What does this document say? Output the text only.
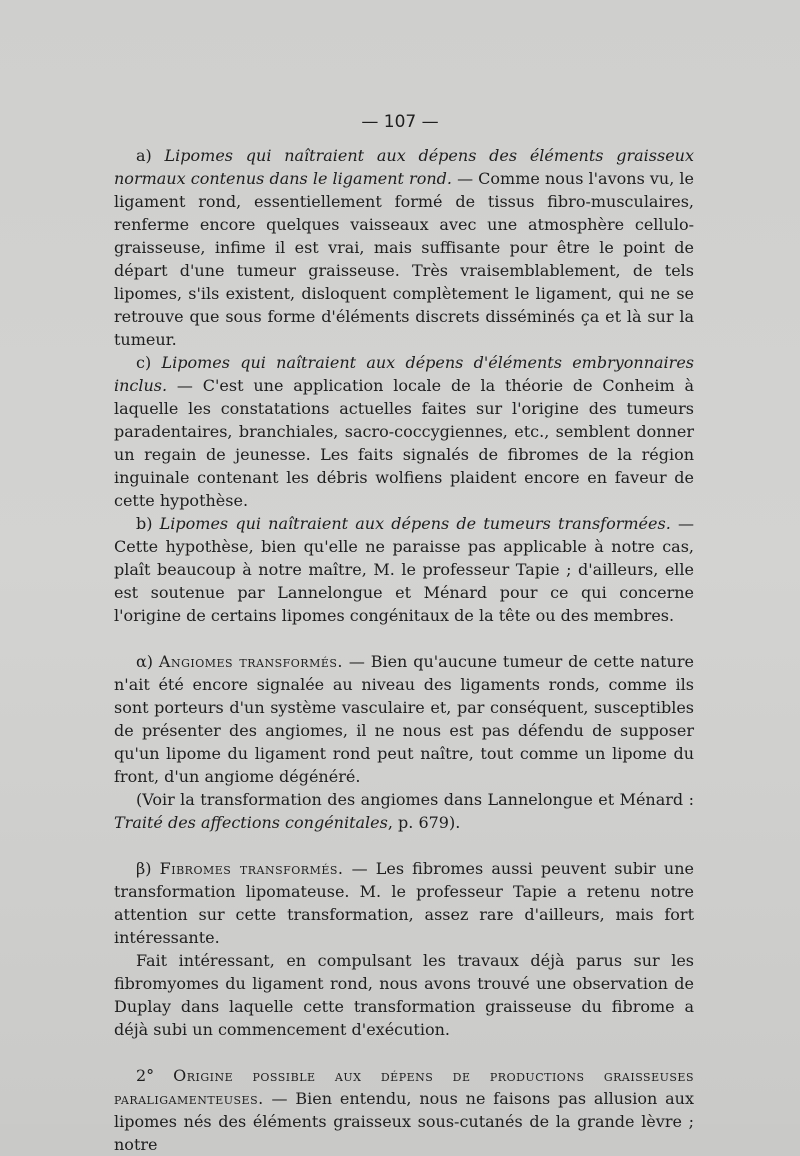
— 107 —

a) Lipomes qui naîtraient aux dépens des éléments graisseux normaux contenus dans le ligament rond. — Comme nous l'avons vu, le ligament rond, essentiellement formé de tissus fibro-musculaires, renferme encore quelques vaisseaux avec une atmosphère cellulo-graisseuse, infime il est vrai, mais suffisante pour être le point de départ d'une tumeur graisseuse. Très vraisemblablement, de tels lipomes, s'ils existent, disloquent complètement le ligament, qui ne se retrouve que sous forme d'éléments discrets disséminés ça et là sur la tumeur.

c) Lipomes qui naîtraient aux dépens d'éléments embryonnaires inclus. — C'est une application locale de la théorie de Conheim à laquelle les constatations actuelles faites sur l'origine des tumeurs paradentaires, branchiales, sacro-coccygiennes, etc., semblent donner un regain de jeunesse. Les faits signalés de fibromes de la région inguinale contenant les débris wolfiens plaident encore en faveur de cette hypothèse.

b) Lipomes qui naîtraient aux dépens de tumeurs transformées. — Cette hypothèse, bien qu'elle ne paraisse pas applicable à notre cas, plaît beaucoup à notre maître, M. le professeur Tapie ; d'ailleurs, elle est soutenue par Lannelongue et Ménard pour ce qui concerne l'origine de certains lipomes congénitaux de la tête ou des membres.

α) Angiomes transformés. — Bien qu'aucune tumeur de cette nature n'ait été encore signalée au niveau des ligaments ronds, comme ils sont porteurs d'un système vasculaire et, par conséquent, susceptibles de présenter des angiomes, il ne nous est pas défendu de supposer qu'un lipome du ligament rond peut naître, tout comme un lipome du front, d'un angiome dégénéré.

(Voir la transformation des angiomes dans Lannelongue et Ménard : Traité des affections congénitales, p. 679).

β) Fibromes transformés. — Les fibromes aussi peuvent subir une transformation lipomateuse. M. le professeur Tapie a retenu notre attention sur cette transformation, assez rare d'ailleurs, mais fort intéressante.

Fait intéressant, en compulsant les travaux déjà parus sur les fibromyomes du ligament rond, nous avons trouvé une observation de Duplay dans laquelle cette transformation graisseuse du fibrome a déjà subi un commencement d'exécution.

2° Origine possible aux dépens de productions graisseuses paraligamenteuses. — Bien entendu, nous ne faisons pas allusion aux lipomes nés des éléments graisseux sous-cutanés de la grande lèvre ; notre
